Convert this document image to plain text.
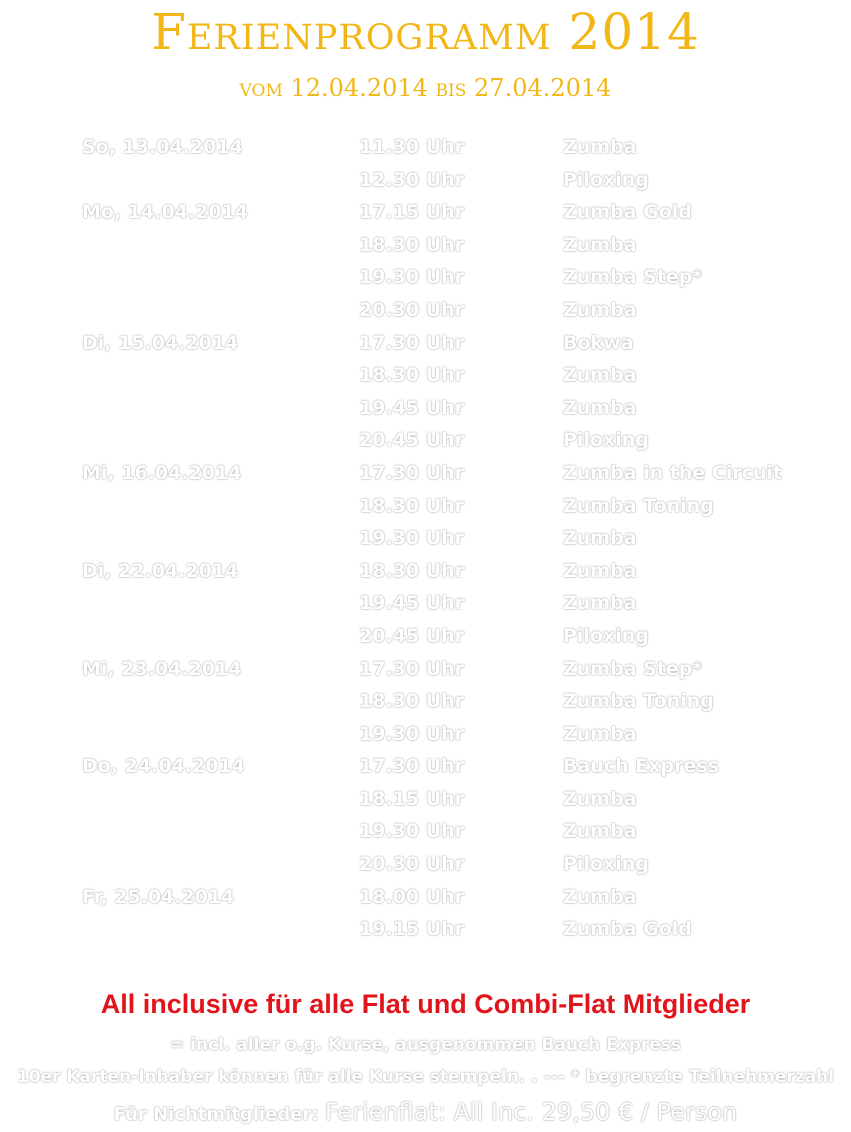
Ferienprogramm 2014
vom 12.04.2014 bis 27.04.2014
So, 13.04.2014	11.30 Uhr	Zumba
12.30 Uhr	Piloxing
Mo, 14.04.2014	17.15 Uhr	Zumba Gold
18.30 Uhr	Zumba
19.30 Uhr	Zumba Step*
20.30 Uhr	Zumba
Di, 15.04.2014	17.30 Uhr	Bokwa
18.30 Uhr	Zumba
19.45 Uhr	Zumba
20.45 Uhr	Piloxing
Mi, 16.04.2014	17.30 Uhr	Zumba in the Circuit
18.30 Uhr	Zumba Toning
19.30 Uhr	Zumba
Di, 22.04.2014	18.30 Uhr	Zumba
19.45 Uhr	Zumba
20.45 Uhr	Piloxing
Mi, 23.04.2014	17.30 Uhr	Zumba Step*
18.30 Uhr	Zumba Toning
19.30 Uhr	Zumba
Do, 24.04.2014	17.30 Uhr	Bauch Express
18.15 Uhr	Zumba
19.30 Uhr	Zumba
20.30 Uhr	Piloxing
Fr, 25.04.2014	18.00 Uhr	Zumba
19.15 Uhr	Zumba Gold
All inclusive für alle Flat und Combi-Flat Mitglieder
= incl. aller o.g. Kurse, ausgenommen Bauch Express
10er Karten-Inhaber können für alle Kurse stempeln. . --- * begrenzte Teilnehmerzahl
Für Nichtmitglieder: Ferienflat: All Inc. 29,50 € / Person
